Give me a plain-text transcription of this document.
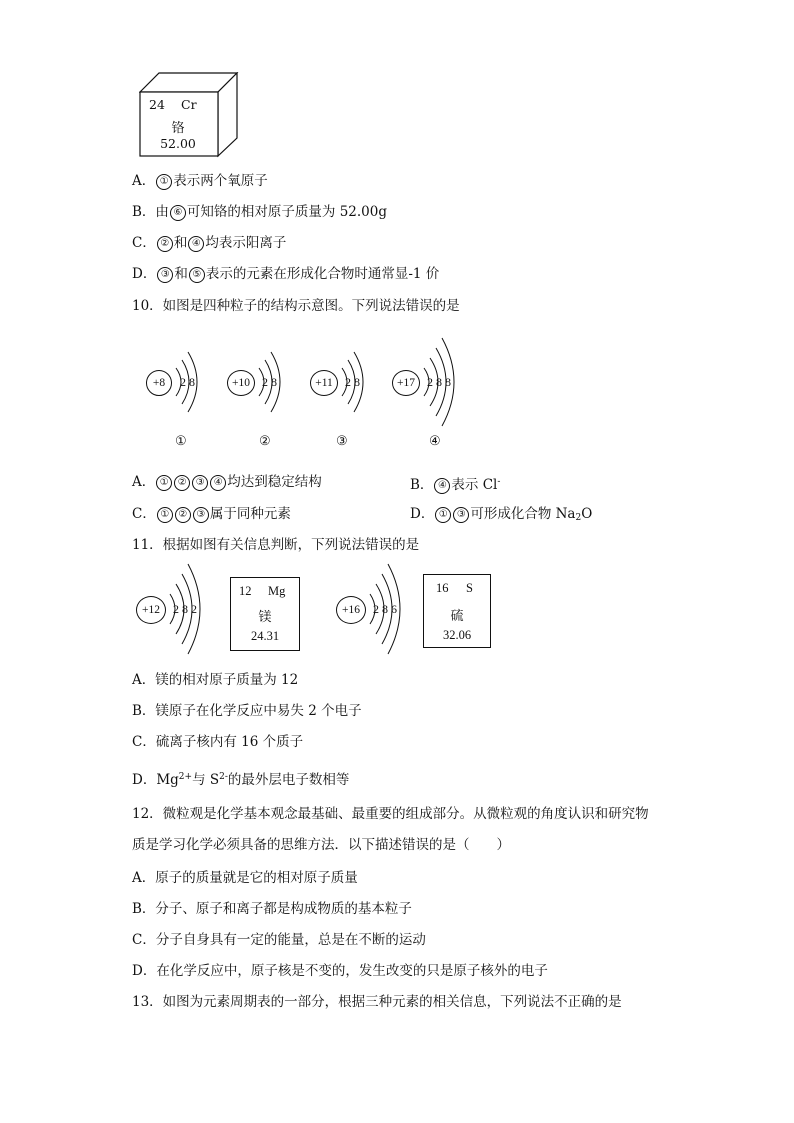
24 Cr
铬
52.00
A． ① 表示两个氧原子
B．由 ⑥ 可知铬的相对原子质量为 52.00g
C． ② 和 ④ 均表示阳离子
D． ③ 和 ⑤ 表示的元素在形成化合物时通常显-1 价
10．如图是四种粒子的结构示意图。下列说法错误的是
+8	2 8
①
+10	2 8
②
+11	2 8
③
+17	2 8 8
④
A． ① ② ③ ④ 均达到稳定结构	B． ④ 表示 Cl-
C． ① ② ③ 属于同种元素	D． ① ③ 可形成化合物 $Na_2O$
11．根据如图有关信息判断，下列说法错误的是
+12	2 8 2
12 Mg
镁
24.31
+16	2 8 6
16 S
硫
32.06
A．镁的相对原子质量为 12
B．镁原子在化学反应中易失 2 个电子
C．硫离子核内有 16 个质子
D．$Mg^{2+}$与 $S^{2-}$的最外层电子数相等
12．微粒观是化学基本观念最基础、最重要的组成部分。从微粒观的角度认识和研究物
质是学习化学必须具备的思维方法．以下描述错误的是（　　）
A．原子的质量就是它的相对原子质量
B．分子、原子和离子都是构成物质的基本粒子
C．分子自身具有一定的能量，总是在不断的运动
D．在化学反应中，原子核是不变的，发生改变的只是原子核外的电子
13．如图为元素周期表的一部分，根据三种元素的相关信息，下列说法不正确的是
